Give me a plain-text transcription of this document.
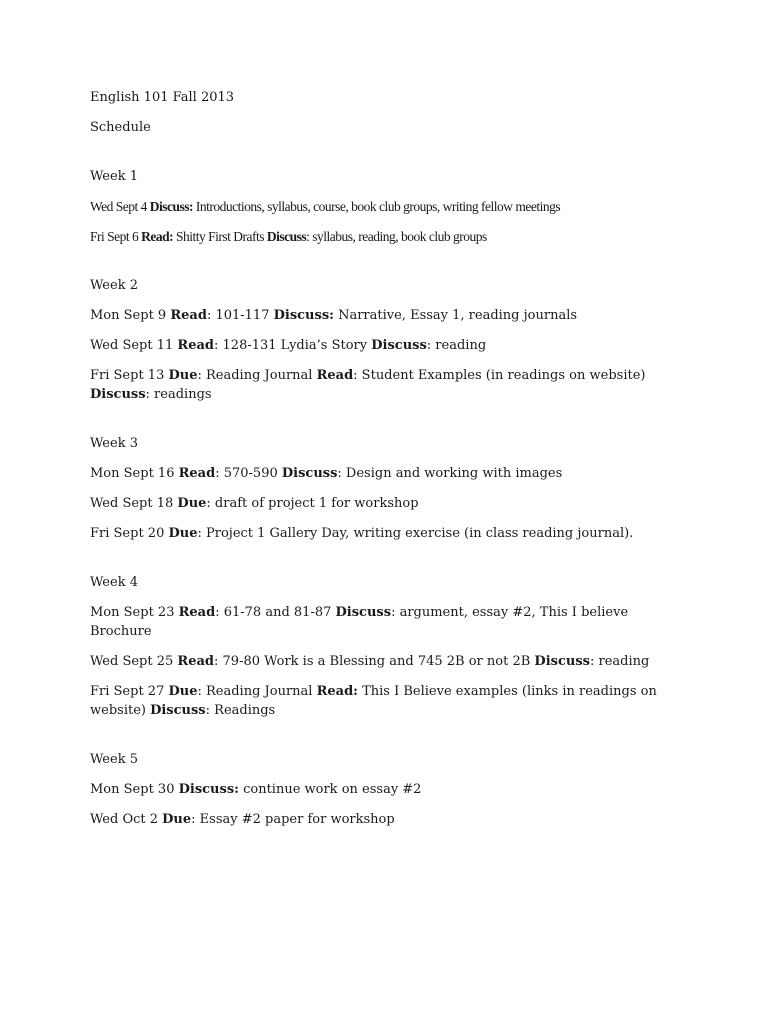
English 101 Fall 2013
Schedule
Week 1
Wed Sept 4 Discuss: Introductions, syllabus, course, book club groups, writing fellow meetings
Fri Sept 6 Read: Shitty First Drafts Discuss: syllabus, reading, book club groups
Week 2
Mon Sept 9 Read: 101-117 Discuss: Narrative, Essay 1, reading journals
Wed Sept 11 Read: 128-131 Lydia’s Story Discuss: reading
Fri Sept 13 Due: Reading Journal Read: Student Examples (in readings on website) Discuss: readings
Week 3
Mon Sept 16 Read: 570-590 Discuss: Design and working with images
Wed Sept 18 Due: draft of project 1 for workshop
Fri Sept 20 Due: Project 1 Gallery Day, writing exercise (in class reading journal).
Week 4
Mon Sept 23 Read: 61-78 and 81-87 Discuss: argument, essay #2, This I believe Brochure
Wed Sept 25 Read: 79-80 Work is a Blessing and 745 2B or not 2B Discuss: reading
Fri Sept 27 Due: Reading Journal Read: This I Believe examples (links in readings on website) Discuss: Readings
Week 5
Mon Sept 30 Discuss: continue work on essay #2
Wed Oct 2 Due: Essay #2 paper for workshop
